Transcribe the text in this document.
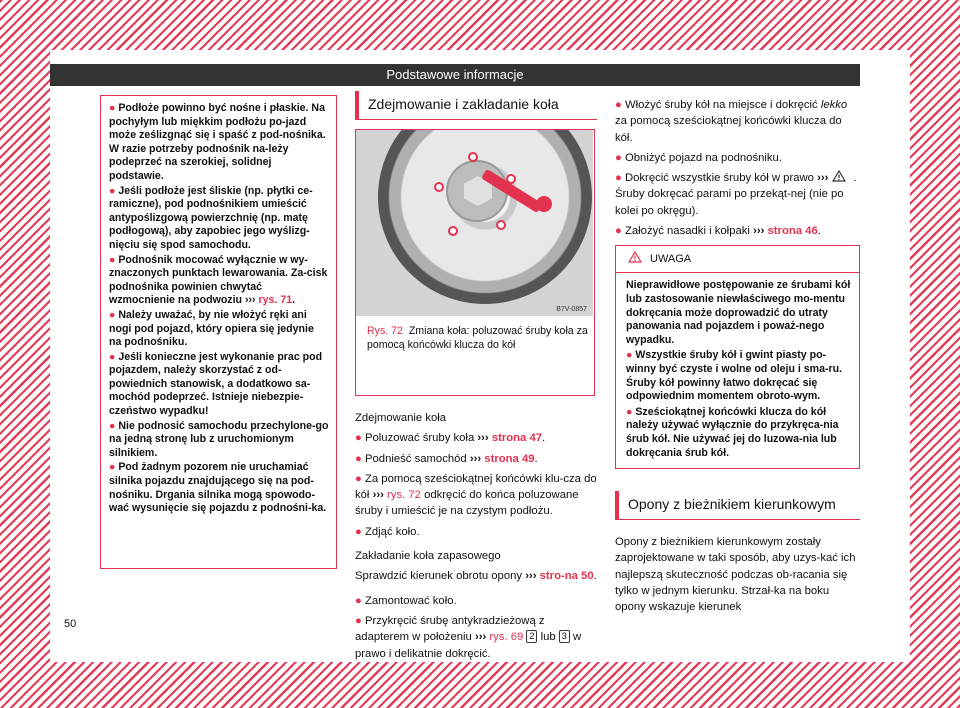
Podstawowe informacje

● Podłoże powinno być nośne i płaskie. Na pochyłym lub miękkim podłożu po-jazd może ześlizgnąć się i spaść z pod-nośnika. W razie potrzeby podnośnik na-leży podeprzeć na szerokiej, solidnej podstawie.

● Jeśli podłoże jest śliskie (np. płytki ce-ramiczne), pod podnośnikiem umieścić antypoślizgową powierzchnię (np. matę podłogową), aby zapobiec jego wyślizg-nięciu się spod samochodu.

● Podnośnik mocować wyłącznie w wy-znaczonych punktach lewarowania. Za-cisk podnośnika powinien chwytać wzmocnienie na podwoziu ››› rys. 71.

● Należy uważać, by nie włożyć ręki ani nogi pod pojazd, który opiera się jedynie na podnośniku.

● Jeśli konieczne jest wykonanie prac pod pojazdem, należy skorzystać z od-powiednich stanowisk, a dodatkowo sa-mochód podeprzeć. Istnieje niebezpie-czeństwo wypadku!

● Nie podnosić samochodu przechylone-go na jedną stronę lub z uruchomionym silnikiem.

● Pod żadnym pozorem nie uruchamiać silnika pojazdu znajdującego się na pod-nośniku. Drgania silnika mogą spowodo-wać wysunięcie się pojazdu z podnośni-ka.

Zdejmowanie i zakładanie koła
B7V-0857
Rys. 72 Zmiana koła: poluzować śruby koła za pomocą końcówki klucza do kół

Zdejmowanie koła

● Poluzować śruby koła ››› strona 47.

● Podnieść samochód ››› strona 49.

● Za pomocą sześciokątnej końcówki klu-cza do kół ››› rys. 72 odkręcić do końca poluzowane śruby i umieścić je na czystym podłożu.

● Zdjąć koło.

Zakładanie koła zapasowego

Sprawdzić kierunek obrotu opony ››› stro-na 50.

● Zamontować koło.

● Przykręcić śrubę antykradzieżową z adapterem w położeniu ››› rys. 69 2 lub 3 w prawo i delikatnie dokręcić.

● Włożyć śruby kół na miejsce i dokręcić lekko za pomocą sześciokątnej końcówki klucza do kół.

● Obniżyć pojazd na podnośniku.

● Dokręcić wszystkie śruby kół w prawo ››› . Śruby dokręcać parami po przekąt-nej (nie po kolei po okręgu).

● Założyć nasadki i kołpaki ››› strona 46.

UWAGA

Nieprawidłowe postępowanie ze śrubami kół lub zastosowanie niewłaściwego mo-mentu dokręcania może doprowadzić do utraty panowania nad pojazdem i poważ-nego wypadku.

● Wszystkie śruby kół i gwint piasty po-winny być czyste i wolne od oleju i sma-ru. Śruby kół powinny łatwo dokręcać się odpowiednim momentem obroto-wym.

● Sześciokątnej końcówki klucza do kół należy używać wyłącznie do przykręca-nia śrub kół. Nie używać jej do luzowa-nia lub dokręcania śrub kół.

Opony z bieżnikiem kierunkowym

Opony z bieżnikiem kierunkowym zostały zaprojektowane w taki sposób, aby uzys-kać ich najlepszą skuteczność podczas ob-racania się tylko w jednym kierunku. Strzał-ka na boku opony wskazuje kierunek

50
